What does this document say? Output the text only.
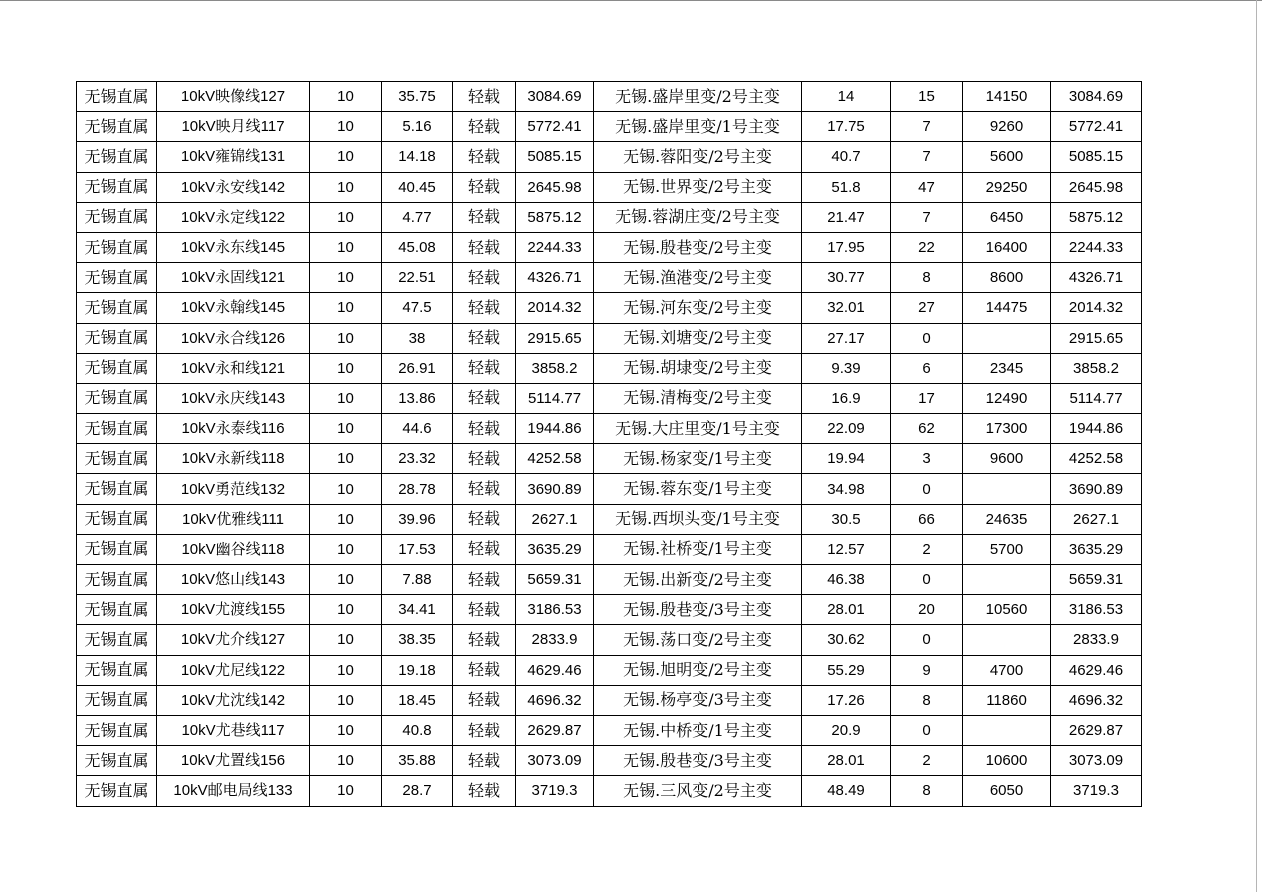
无锡直属	10kV映像线127	10	35.75	轻载	3084.69	无锡.盛岸里变/2号主变	14	15	14150	3084.69
无锡直属	10kV映月线117	10	5.16	轻载	5772.41	无锡.盛岸里变/1号主变	17.75	7	9260	5772.41
无锡直属	10kV雍锦线131	10	14.18	轻载	5085.15	无锡.蓉阳变/2号主变	40.7	7	5600	5085.15
无锡直属	10kV永安线142	10	40.45	轻载	2645.98	无锡.世界变/2号主变	51.8	47	29250	2645.98
无锡直属	10kV永定线122	10	4.77	轻载	5875.12	无锡.蓉湖庄变/2号主变	21.47	7	6450	5875.12
无锡直属	10kV永东线145	10	45.08	轻载	2244.33	无锡.殷巷变/2号主变	17.95	22	16400	2244.33
无锡直属	10kV永固线121	10	22.51	轻载	4326.71	无锡.渔港变/2号主变	30.77	8	8600	4326.71
无锡直属	10kV永翰线145	10	47.5	轻载	2014.32	无锡.河东变/2号主变	32.01	27	14475	2014.32
无锡直属	10kV永合线126	10	38	轻载	2915.65	无锡.刘塘变/2号主变	27.17	0		2915.65
无锡直属	10kV永和线121	10	26.91	轻载	3858.2	无锡.胡埭变/2号主变	9.39	6	2345	3858.2
无锡直属	10kV永庆线143	10	13.86	轻载	5114.77	无锡.清梅变/2号主变	16.9	17	12490	5114.77
无锡直属	10kV永泰线116	10	44.6	轻载	1944.86	无锡.大庄里变/1号主变	22.09	62	17300	1944.86
无锡直属	10kV永新线118	10	23.32	轻载	4252.58	无锡.杨家变/1号主变	19.94	3	9600	4252.58
无锡直属	10kV勇范线132	10	28.78	轻载	3690.89	无锡.蓉东变/1号主变	34.98	0		3690.89
无锡直属	10kV优雅线111	10	39.96	轻载	2627.1	无锡.西坝头变/1号主变	30.5	66	24635	2627.1
无锡直属	10kV幽谷线118	10	17.53	轻载	3635.29	无锡.社桥变/1号主变	12.57	2	5700	3635.29
无锡直属	10kV悠山线143	10	7.88	轻载	5659.31	无锡.出新变/2号主变	46.38	0		5659.31
无锡直属	10kV尤渡线155	10	34.41	轻载	3186.53	无锡.殷巷变/3号主变	28.01	20	10560	3186.53
无锡直属	10kV尤介线127	10	38.35	轻载	2833.9	无锡.荡口变/2号主变	30.62	0		2833.9
无锡直属	10kV尤尼线122	10	19.18	轻载	4629.46	无锡.旭明变/2号主变	55.29	9	4700	4629.46
无锡直属	10kV尤沈线142	10	18.45	轻载	4696.32	无锡.杨亭变/3号主变	17.26	8	11860	4696.32
无锡直属	10kV尤巷线117	10	40.8	轻载	2629.87	无锡.中桥变/1号主变	20.9	0		2629.87
无锡直属	10kV尤置线156	10	35.88	轻载	3073.09	无锡.殷巷变/3号主变	28.01	2	10600	3073.09
无锡直属	10kV邮电局线133	10	28.7	轻载	3719.3	无锡.三风变/2号主变	48.49	8	6050	3719.3
